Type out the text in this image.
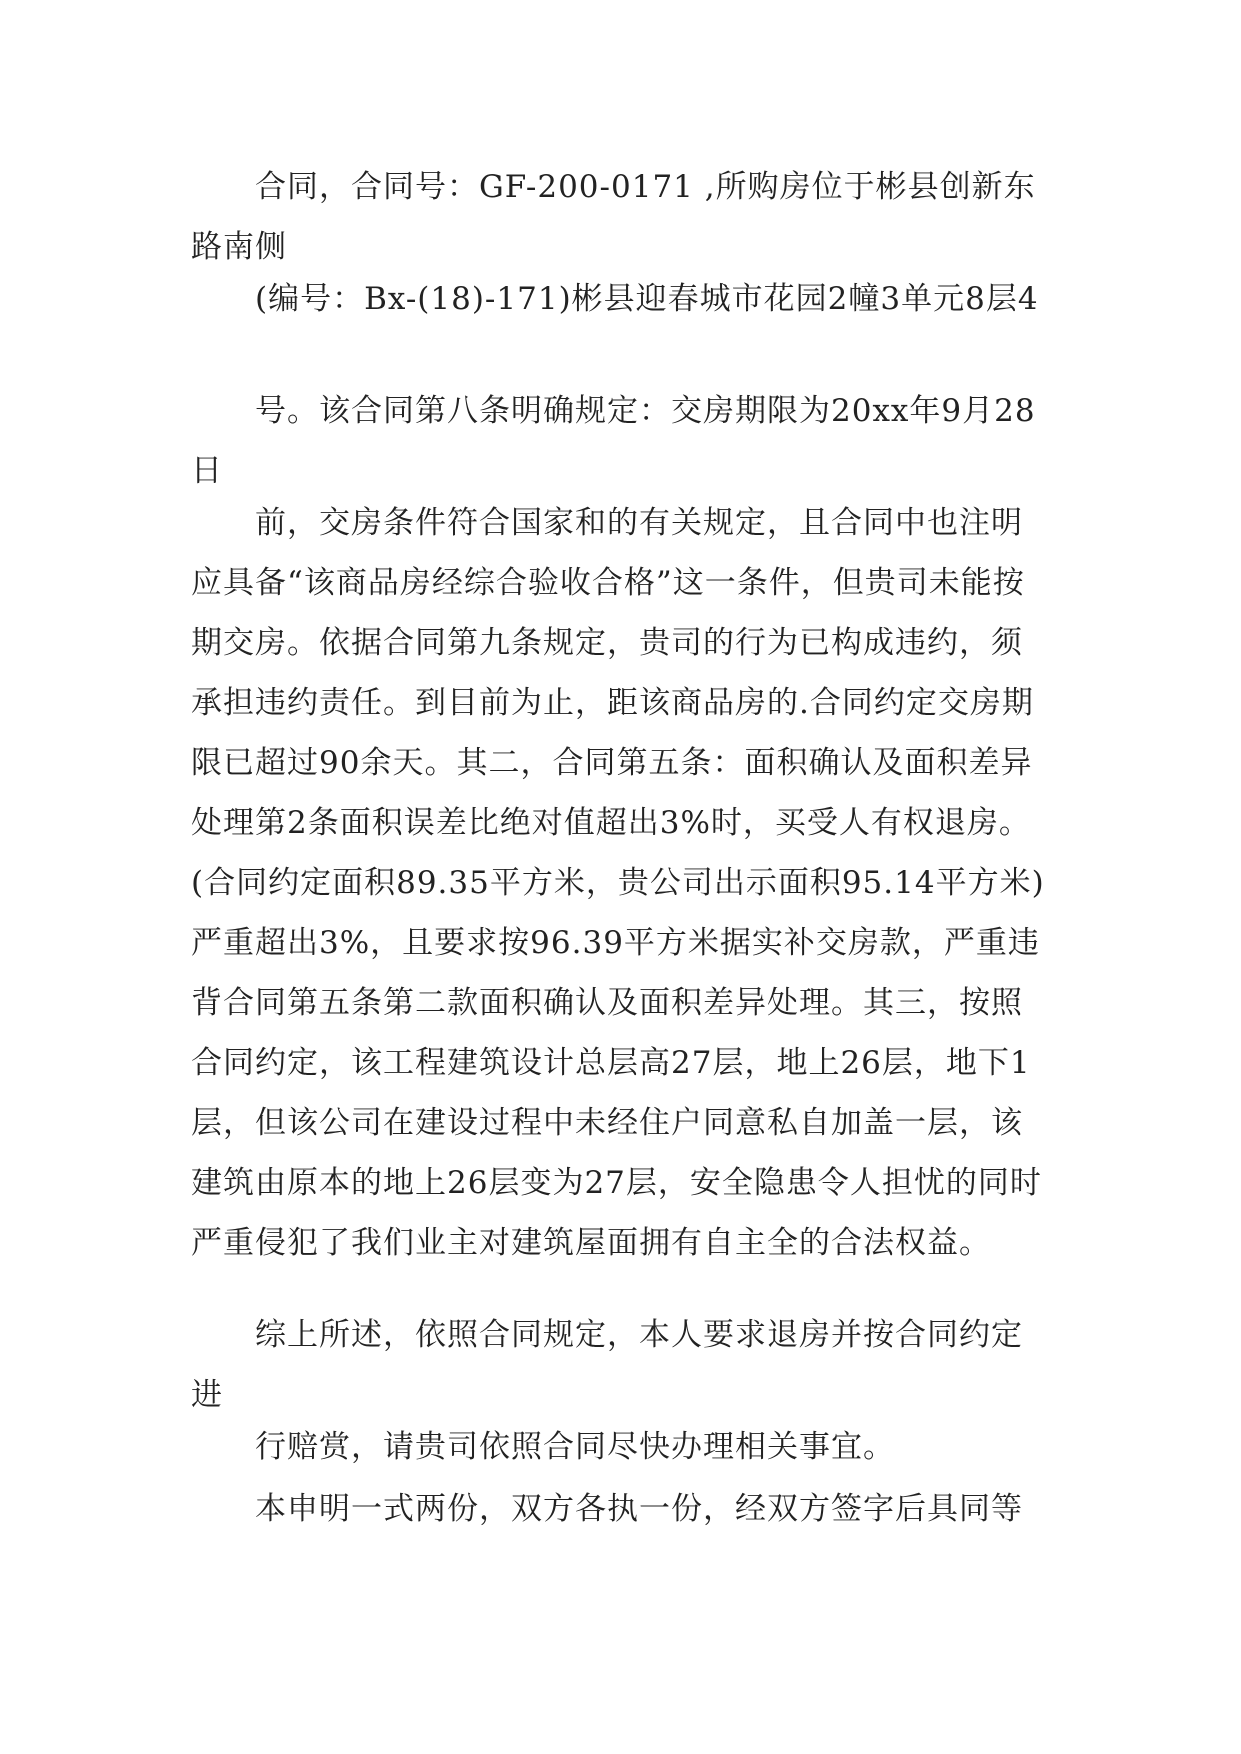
合同，合同号：GF-200-0171 ,所购房位于彬县创新东路南侧

(编号：Bx-(18)-171)彬县迎春城市花园2幢3单元8层4

号。该合同第八条明确规定：交房期限为20xx年9月28日

前，交房条件符合国家和的有关规定，且合同中也注明应具备“该商品房经综合验收合格”这一条件，但贵司未能按期交房。依据合同第九条规定，贵司的行为已构成违约，须承担违约责任。到目前为止，距该商品房的.合同约定交房期限已超过90余天。其二，合同第五条：面积确认及面积差异处理第2条面积误差比绝对值超出3%时，买受人有权退房。(合同约定面积89.35平方米，贵公司出示面积95.14平方米)严重超出3%，且要求按96.39平方米据实补交房款，严重违背合同第五条第二款面积确认及面积差异处理。其三，按照合同约定，该工程建筑设计总层高27层，地上26层，地下1层，但该公司在建设过程中未经住户同意私自加盖一层，该建筑由原本的地上26层变为27层，安全隐患令人担忧的同时严重侵犯了我们业主对建筑屋面拥有自主全的合法权益。

综上所述，依照合同规定，本人要求退房并按合同约定进

行赔赏，请贵司依照合同尽快办理相关事宜。

本申明一式两份，双方各执一份，经双方签字后具同等
